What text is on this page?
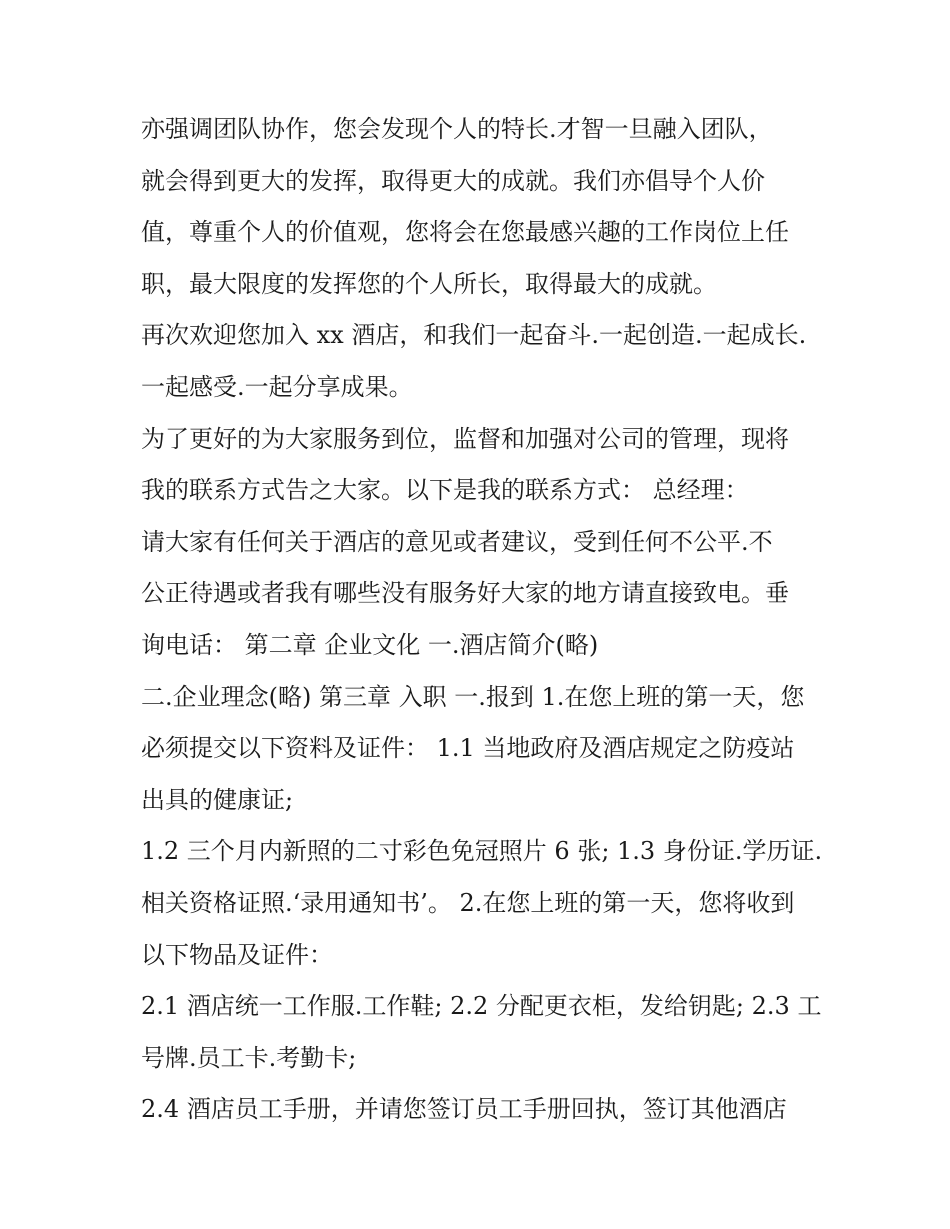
亦强调团队协作，您会发现个人的特长.才智一旦融入团队，
就会得到更大的发挥，取得更大的成就。我们亦倡导个人价
值，尊重个人的价值观，您将会在您最感兴趣的工作岗位上任
职，最大限度的发挥您的个人所长，取得最大的成就。
再次欢迎您加入 xx 酒店，和我们一起奋斗.一起创造.一起成长.
一起感受.一起分享成果。
为了更好的为大家服务到位，监督和加强对公司的管理，现将
我的联系方式告之大家。以下是我的联系方式： 总经理：
请大家有任何关于酒店的意见或者建议，受到任何不公平.不
公正待遇或者我有哪些没有服务好大家的地方请直接致电。垂
询电话： 第二章 企业文化 一.酒店简介(略)
二.企业理念(略) 第三章 入职 一.报到 1.在您上班的第一天，您
必须提交以下资料及证件： 1.1 当地政府及酒店规定之防疫站
出具的健康证;
1.2 三个月内新照的二寸彩色免冠照片 6 张; 1.3 身份证.学历证.
相关资格证照.‘录用通知书’。 2.在您上班的第一天，您将收到
以下物品及证件：
2.1 酒店统一工作服.工作鞋; 2.2 分配更衣柜，发给钥匙; 2.3 工
号牌.员工卡.考勤卡;
2.4 酒店员工手册，并请您签订员工手册回执，签订其他酒店
